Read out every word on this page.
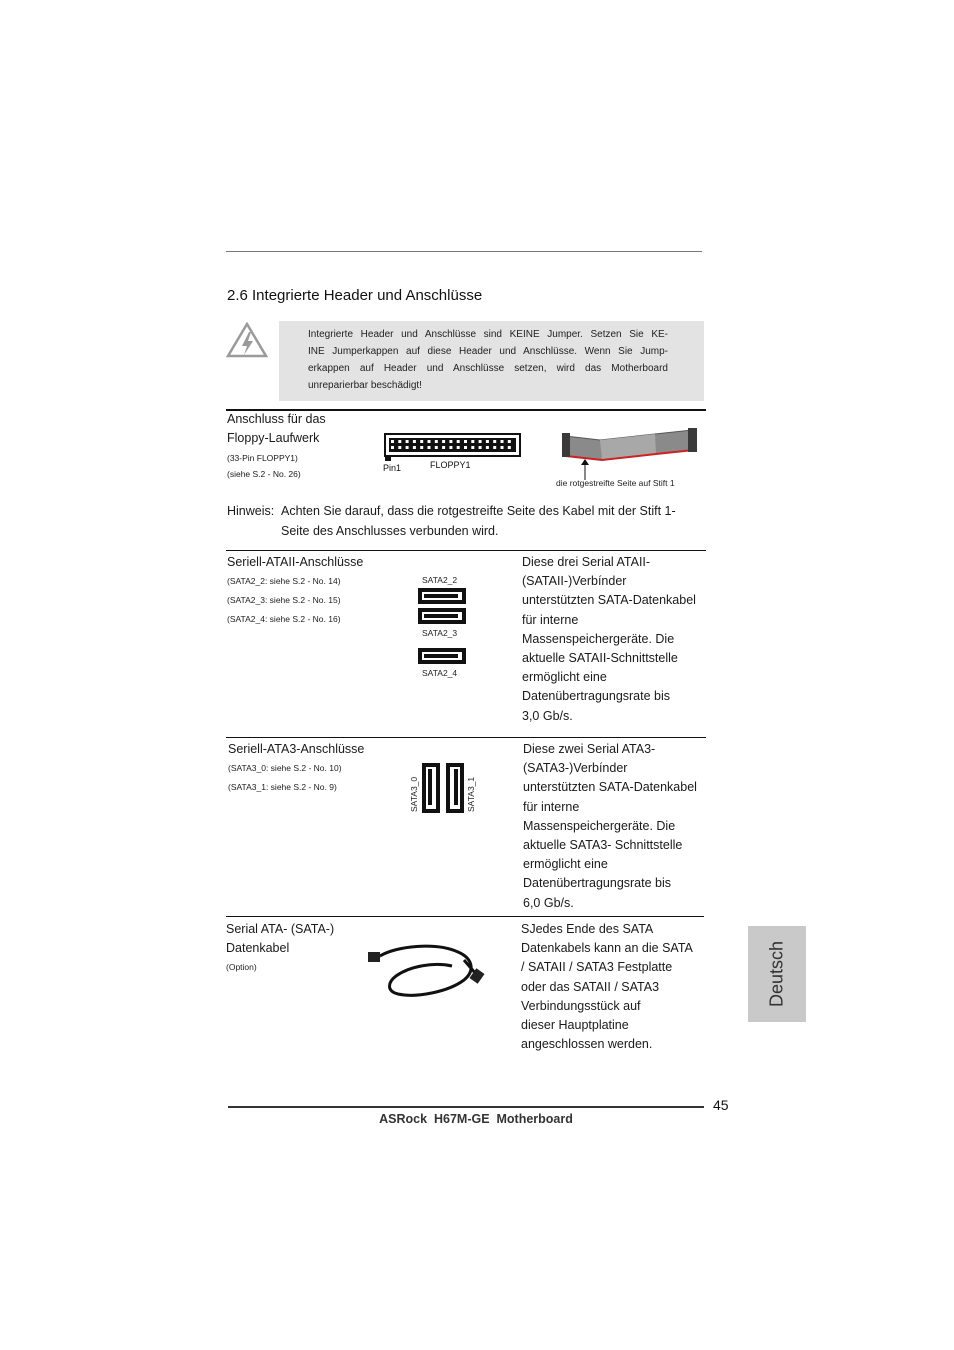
2.6 Integrierte Header und Anschlüsse
Integrierte Header und Anschlüsse sind KEINE Jumper. Setzen Sie KE-
INE Jumperkappen auf diese Header und Anschlüsse. Wenn Sie Jump-
erkappen auf Header und Anschlüsse setzen, wird das Motherboard
unreparierbar beschädigt!
Anschluss für das
Floppy-Laufwerk
(33-Pin FLOPPY1)
(siehe S.2 - No. 26)
Pin1	FLOPPY1
die rotgestreifte Seite auf Stift 1
Hinweis: Achten Sie darauf, dass die rotgestreifte Seite des Kabel mit der Stift 1-
Seite des Anschlusses verbunden wird.
Seriell-ATAII-Anschlüsse
(SATA2_2: siehe S.2 - No. 14)
(SATA2_3: siehe S.2 - No. 15)
(SATA2_4: siehe S.2 - No. 16)
SATA2_2
SATA2_3
SATA2_4
Diese drei Serial ATAII-
(SATAII-)Verbínder
unterstützten SATA-Datenkabel
für interne
Massenspeichergeräte. Die
aktuelle SATAII-Schnittstelle
ermöglicht eine
Datenübertragungsrate bis
3,0 Gb/s.
Seriell-ATA3-Anschlüsse
(SATA3_0: siehe S.2 - No. 10)
(SATA3_1: siehe S.2 - No. 9)	SATA3_0	SATA3_1
Diese zwei Serial ATA3-
(SATA3-)Verbínder
unterstützten SATA-Datenkabel
für interne
Massenspeichergeräte. Die
aktuelle SATA3- Schnittstelle
ermöglicht eine
Datenübertragungsrate bis
6,0 Gb/s.
Serial ATA- (SATA-)
Datenkabel
(Option)
SJedes Ende des SATA
Datenkabels kann an die SATA
/ SATAII / SATA3 Festplatte
oder das SATAII / SATA3
Verbindungsstück auf
dieser Hauptplatine
angeschlossen werden.
Deutsch
45
ASRock  H67M-GE  Motherboard
